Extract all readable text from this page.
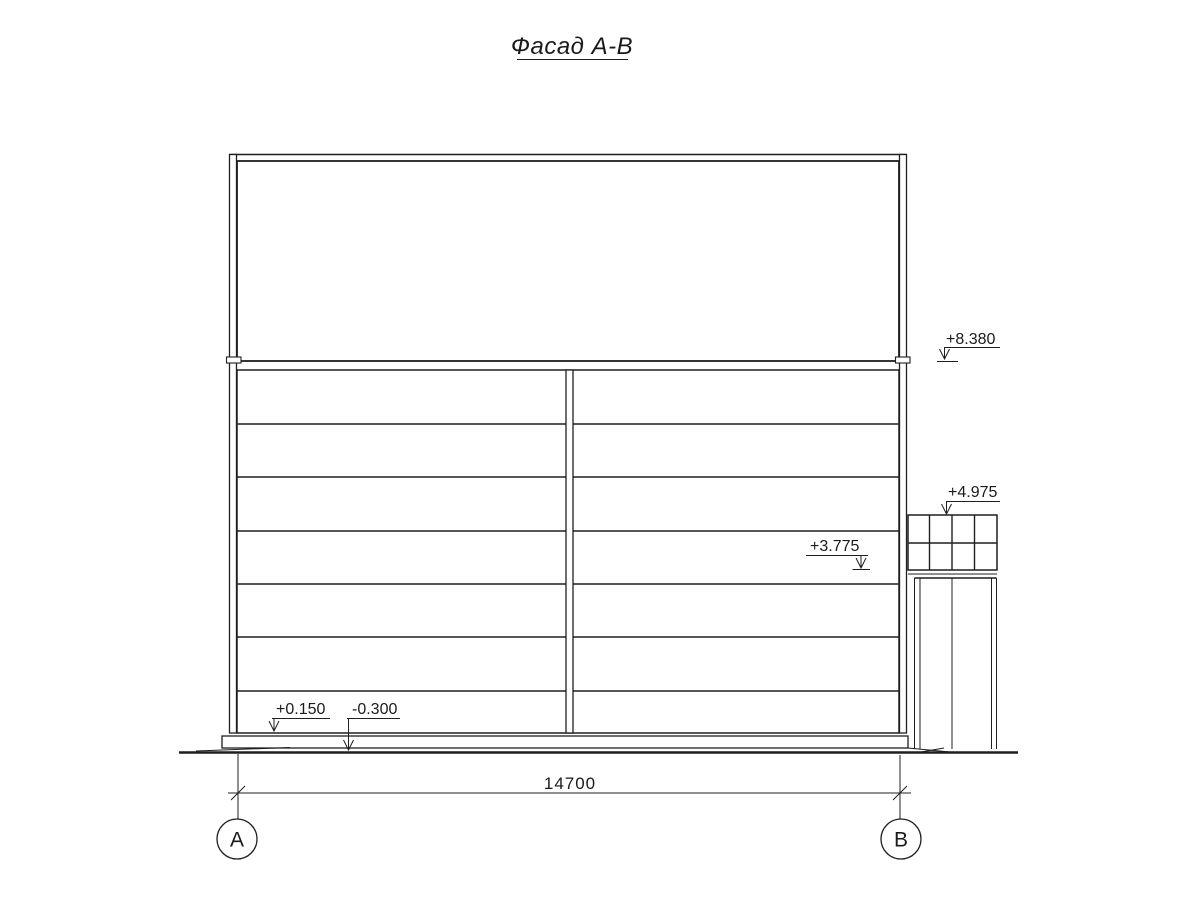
Фасад А-В
+8.380
+4.975
+3.775
+0.150 -0.300
14700
А	В
